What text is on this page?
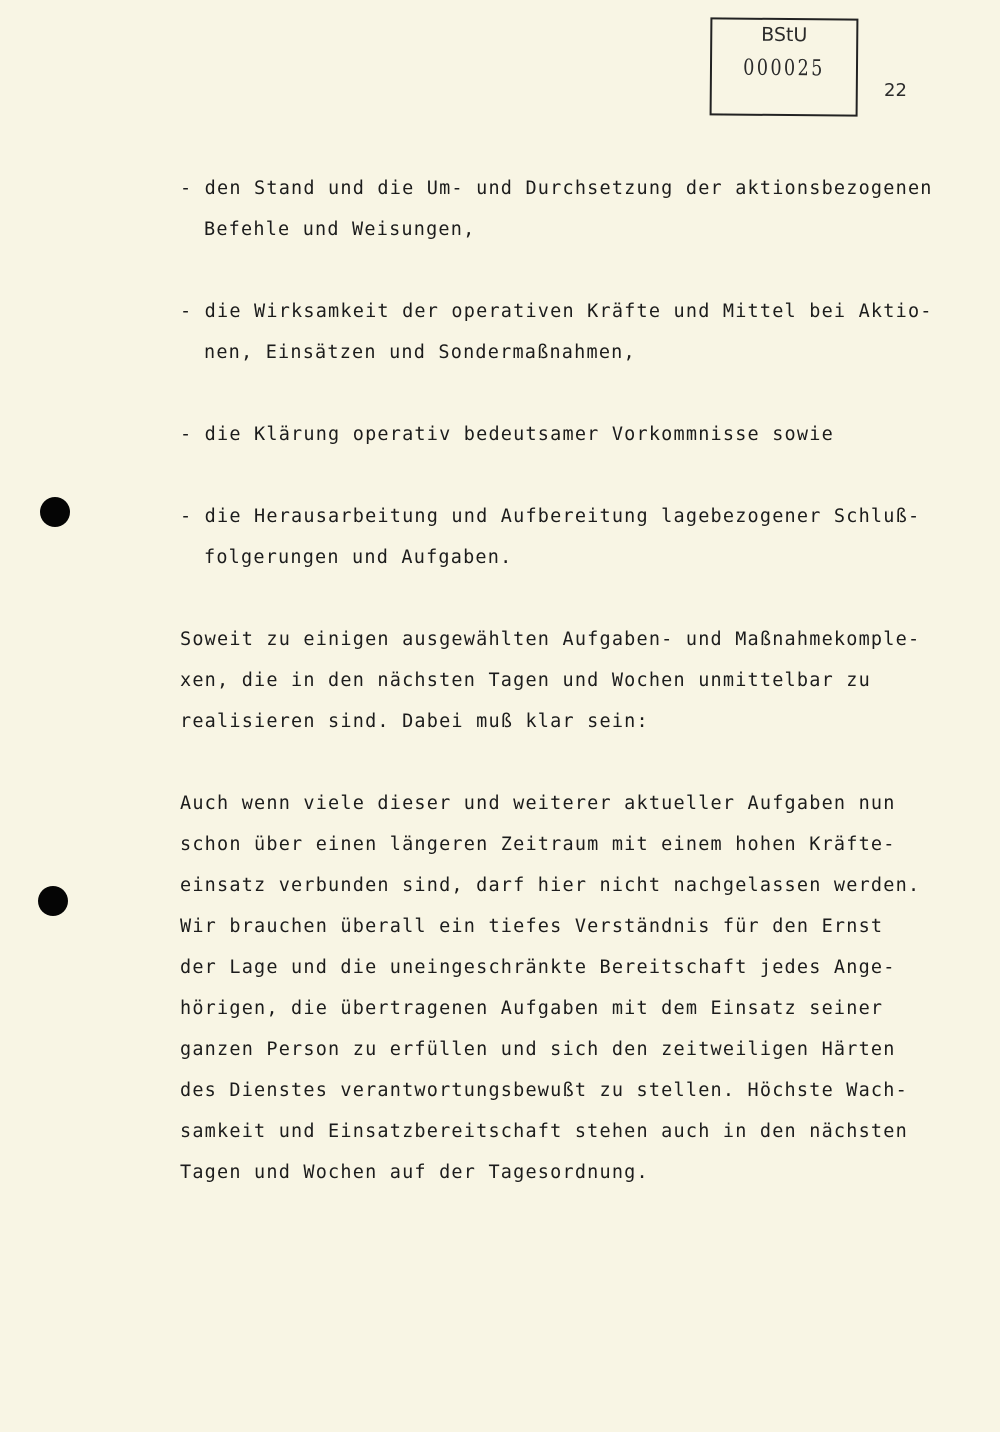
BStU
000025
22
- den Stand und die Um- und Durchsetzung der aktionsbezogenen
Befehle und Weisungen,
- die Wirksamkeit der operativen Kräfte und Mittel bei Aktio-
nen, Einsätzen und Sondermaßnahmen,
- die Klärung operativ bedeutsamer Vorkommnisse sowie
- die Herausarbeitung und Aufbereitung lagebezogener Schluß-
folgerungen und Aufgaben.
Soweit zu einigen ausgewählten Aufgaben- und Maßnahmekomple-
xen, die in den nächsten Tagen und Wochen unmittelbar zu
realisieren sind. Dabei muß klar sein:
Auch wenn viele dieser und weiterer aktueller Aufgaben nun
schon über einen längeren Zeitraum mit einem hohen Kräfte-
einsatz verbunden sind, darf hier nicht nachgelassen werden.
Wir brauchen überall ein tiefes Verständnis für den Ernst
der Lage und die uneingeschränkte Bereitschaft jedes Ange-
hörigen, die übertragenen Aufgaben mit dem Einsatz seiner
ganzen Person zu erfüllen und sich den zeitweiligen Härten
des Dienstes verantwortungsbewußt zu stellen. Höchste Wach-
samkeit und Einsatzbereitschaft stehen auch in den nächsten
Tagen und Wochen auf der Tagesordnung.
